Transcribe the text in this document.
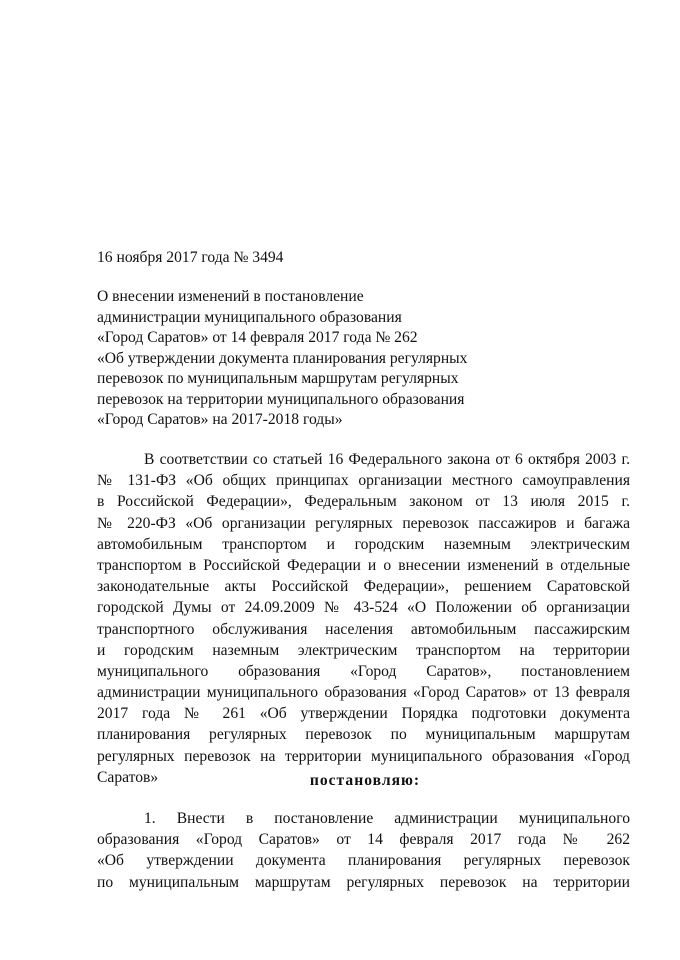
16 ноября 2017 года № 3494
О внесении изменений в постановление
администрации муниципального образования
«Город Саратов» от 14 февраля 2017 года № 262
«Об утверждении документа планирования регулярных
перевозок по муниципальным маршрутам регулярных
перевозок на территории муниципального образования
«Город Саратов» на 2017-2018 годы»
В соответствии со статьей 16 Федерального закона от 6 октября 2003 г.
№ 131-ФЗ «Об общих принципах организации местного самоуправления
в Российской Федерации», Федеральным законом от 13 июля 2015 г.
№ 220-ФЗ «Об организации регулярных перевозок пассажиров и багажа
автомобильным транспортом и городским наземным электрическим
транспортом в Российской Федерации и о внесении изменений в отдельные
законодательные акты Российской Федерации», решением Саратовской
городской Думы от 24.09.2009 № 43-524 «О Положении об организации
транспортного обслуживания населения автомобильным пассажирским
и городским наземным электрическим транспортом на территории
муниципального образования «Город Саратов», постановлением
администрации муниципального образования «Город Саратов» от 13 февраля
2017 года № 261 «Об утверждении Порядка подготовки документа
планирования регулярных перевозок по муниципальным маршрутам
регулярных перевозок на территории муниципального образования «Город
Саратов»	постановляю:
1. Внести в постановление администрации муниципального
образования «Город Саратов» от 14 февраля 2017 года № 262
«Об утверждении документа планирования регулярных перевозок
по муниципальным маршрутам регулярных перевозок на территории
